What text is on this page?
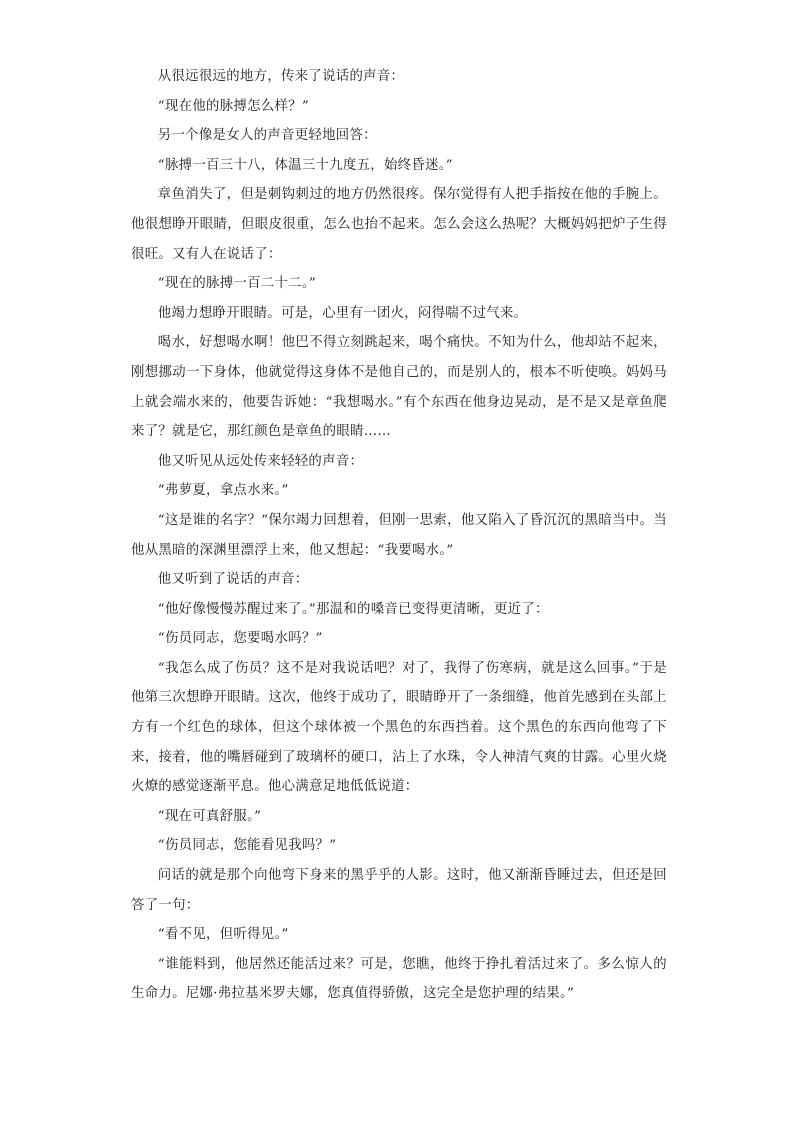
从很远很远的地方，传来了说话的声音：

“现在他的脉搏怎么样？”

另一个像是女人的声音更轻地回答：

“脉搏一百三十八，体温三十九度五，始终昏迷。”

章鱼消失了，但是刺钩刺过的地方仍然很疼。保尔觉得有人把手指按在他的手腕上。他很想睁开眼睛，但眼皮很重，怎么也抬不起来。怎么会这么热呢？大概妈妈把炉子生得很旺。又有人在说话了：

“现在的脉搏一百二十二。”

他竭力想睁开眼睛。可是，心里有一团火，闷得喘不过气来。

喝水，好想喝水啊！他巴不得立刻跳起来，喝个痛快。不知为什么，他却站不起来，刚想挪动一下身体，他就觉得这身体不是他自己的，而是别人的，根本不听使唤。妈妈马上就会端水来的，他要告诉她：“我想喝水。”有个东西在他身边晃动，是不是又是章鱼爬来了？就是它，那红颜色是章鱼的眼睛……

他又听见从远处传来轻轻的声音：

“弗萝夏，拿点水来。”

“这是谁的名字？”保尔竭力回想着，但刚一思索，他又陷入了昏沉沉的黑暗当中。当他从黑暗的深渊里漂浮上来，他又想起：“我要喝水。”

他又听到了说话的声音：

“他好像慢慢苏醒过来了。”那温和的嗓音已变得更清晰，更近了：

“伤员同志，您要喝水吗？”

“我怎么成了伤员？这不是对我说话吧？对了，我得了伤寒病，就是这么回事。”于是他第三次想睁开眼睛。这次，他终于成功了，眼睛睁开了一条细缝，他首先感到在头部上方有一个红色的球体，但这个球体被一个黑色的东西挡着。这个黑色的东西向他弯了下来，接着，他的嘴唇碰到了玻璃杯的硬口，沾上了水珠，令人神清气爽的甘露。心里火烧火燎的感觉逐渐平息。他心满意足地低低说道：

“现在可真舒服。”

“伤员同志，您能看见我吗？”

问话的就是那个向他弯下身来的黑乎乎的人影。这时，他又渐渐昏睡过去，但还是回答了一句：

“看不见，但听得见。”

“谁能料到，他居然还能活过来？可是，您瞧，他终于挣扎着活过来了。多么惊人的生命力。尼娜·弗拉基米罗夫娜，您真值得骄傲，这完全是您护理的结果。”
